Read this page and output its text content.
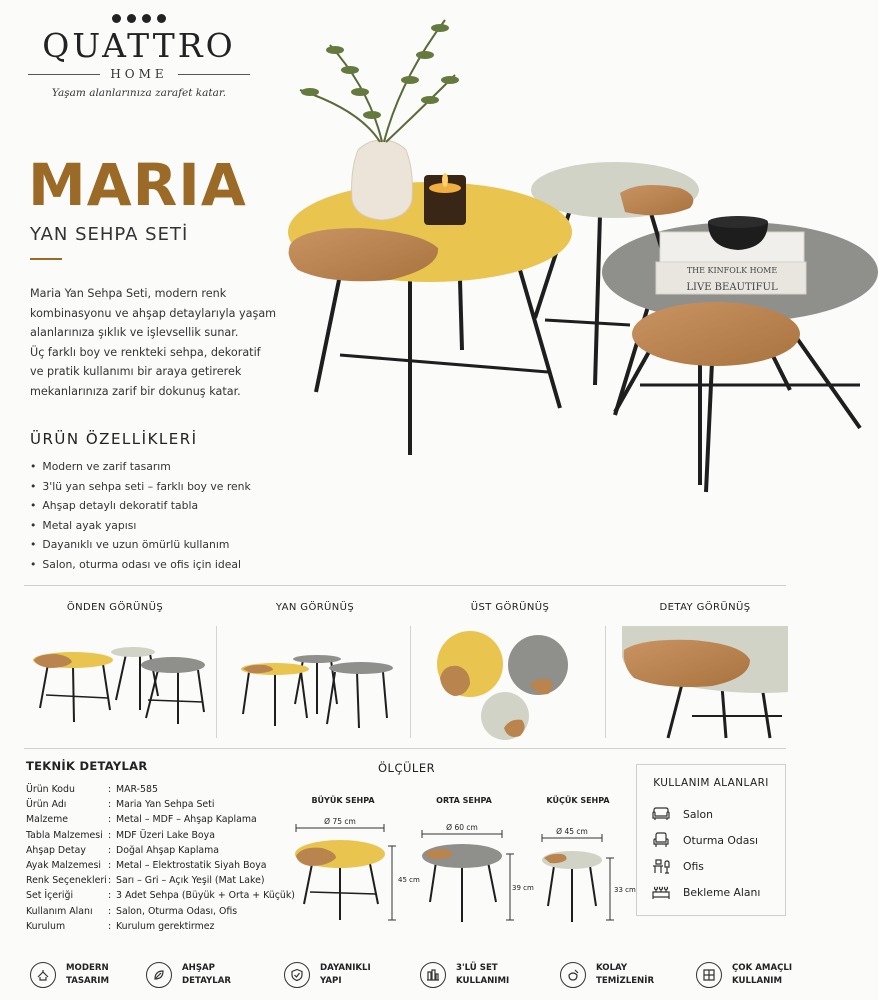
QUATTRO
HOME
Yaşam alanlarınıza zarafet katar.
MARIA
YAN SEHPA SETİ

Maria Yan Sehpa Seti, modern renk

kombinasyonu ve ahşap detaylarıyla yaşam

alanlarınıza şıklık ve işlevsellik sunar.

Üç farklı boy ve renkteki sehpa, dekoratif

ve pratik kullanımı bir araya getirerek

mekanlarınıza zarif bir dokunuş katar.

ÜRÜN ÖZELLİKLERİ
• Modern ve zarif tasarım
• 3'lü yan sehpa seti – farklı boy ve renk
• Ahşap detaylı dekoratif tabla
• Metal ayak yapısı
• Dayanıklı ve uzun ömürlü kullanım
• Salon, oturma odası ve ofis için ideal
THE KINFOLK HOME
LIVE BEAUTIFUL
ÖNDEN GÖRÜNÜŞ	YAN GÖRÜNÜŞ	ÜST GÖRÜNÜŞ	DETAY GÖRÜNÜŞ
TEKNİK DETAYLAR
Ürün Kodu	: MAR-585
Ürün Adı	: Maria Yan Sehpa Seti
Malzeme	: Metal – MDF – Ahşap Kaplama
Tabla Malzemesi : MDF Üzeri Lake Boya
Ahşap Detay	: Doğal Ahşap Kaplama
Ayak Malzemesi : Metal – Elektrostatik Siyah Boya
Renk Seçenekleri : Sarı – Gri – Açık Yeşil (Mat Lake)
Set İçeriği	: 3 Adet Sehpa (Büyük + Orta + Küçük)
Kullanım Alanı	: Salon, Oturma Odası, Ofis
Kurulum	: Kurulum gerektirmez
ÖLÇÜLER
BÜYÜK SEHPA	ORTA SEHPA	KÜÇÜK SEHPA
Ø 75 cm
45 cm
Ø 60 cm
39 cm
Ø 45 cm
33 cm
KULLANIM ALANLARI
Salon
Oturma Odası
Ofis
Bekleme Alanı
MODERN
TASARIM
AHŞAP
DETAYLAR
DAYANIKLI
YAPI
3'LÜ SET
KULLANIMI
KOLAY
TEMİZLENİR
ÇOK AMAÇLI
KULLANIM
